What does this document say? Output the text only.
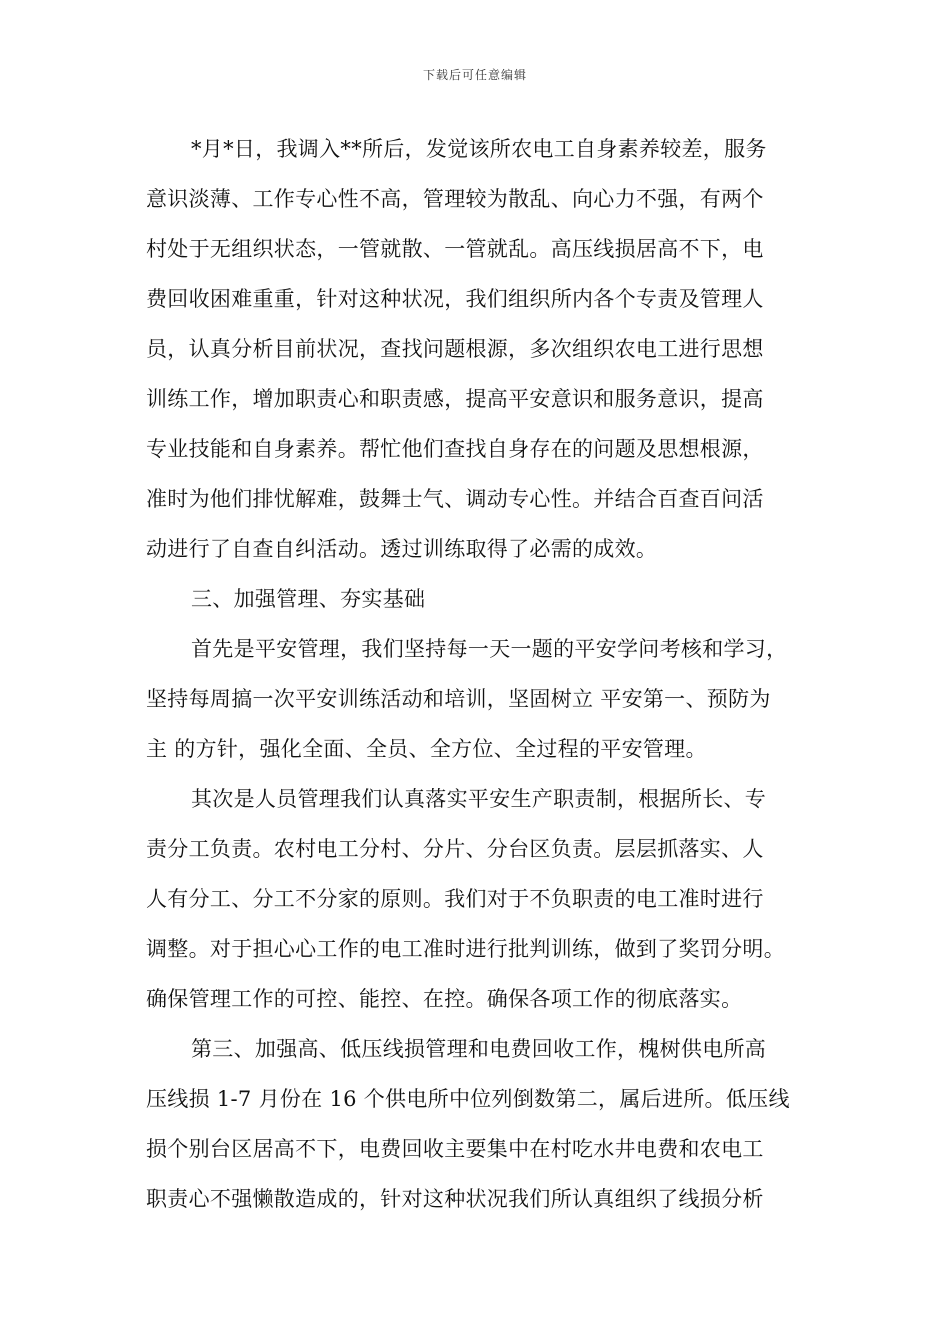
下载后可任意编辑
*月*日，我调入**所后，发觉该所农电工自身素养较差，服务
意识淡薄、工作专心性不高，管理较为散乱、向心力不强，有两个
村处于无组织状态，一管就散、一管就乱。高压线损居高不下，电
费回收困难重重，针对这种状况，我们组织所内各个专责及管理人
员，认真分析目前状况，查找问题根源，多次组织农电工进行思想
训练工作，增加职责心和职责感，提高平安意识和服务意识，提高
专业技能和自身素养。帮忙他们查找自身存在的问题及思想根源，
准时为他们排忧解难，鼓舞士气、调动专心性。并结合百查百问活
动进行了自查自纠活动。透过训练取得了必需的成效。
三、加强管理、夯实基础
首先是平安管理，我们坚持每一天一题的平安学问考核和学习，
坚持每周搞一次平安训练活动和培训，坚固树立 平安第一、预防为
主 的方针，强化全面、全员、全方位、全过程的平安管理。
其次是人员管理我们认真落实平安生产职责制，根据所长、专
责分工负责。农村电工分村、分片、分台区负责。层层抓落实、人
人有分工、分工不分家的原则。我们对于不负职责的电工准时进行
调整。对于担心心工作的电工准时进行批判训练，做到了奖罚分明。
确保管理工作的可控、能控、在控。确保各项工作的彻底落实。
第三、加强高、低压线损管理和电费回收工作，槐树供电所高
压线损 1-7 月份在 16 个供电所中位列倒数第二，属后进所。低压线
损个别台区居高不下，电费回收主要集中在村吃水井电费和农电工
职责心不强懒散造成的，针对这种状况我们所认真组织了线损分析
